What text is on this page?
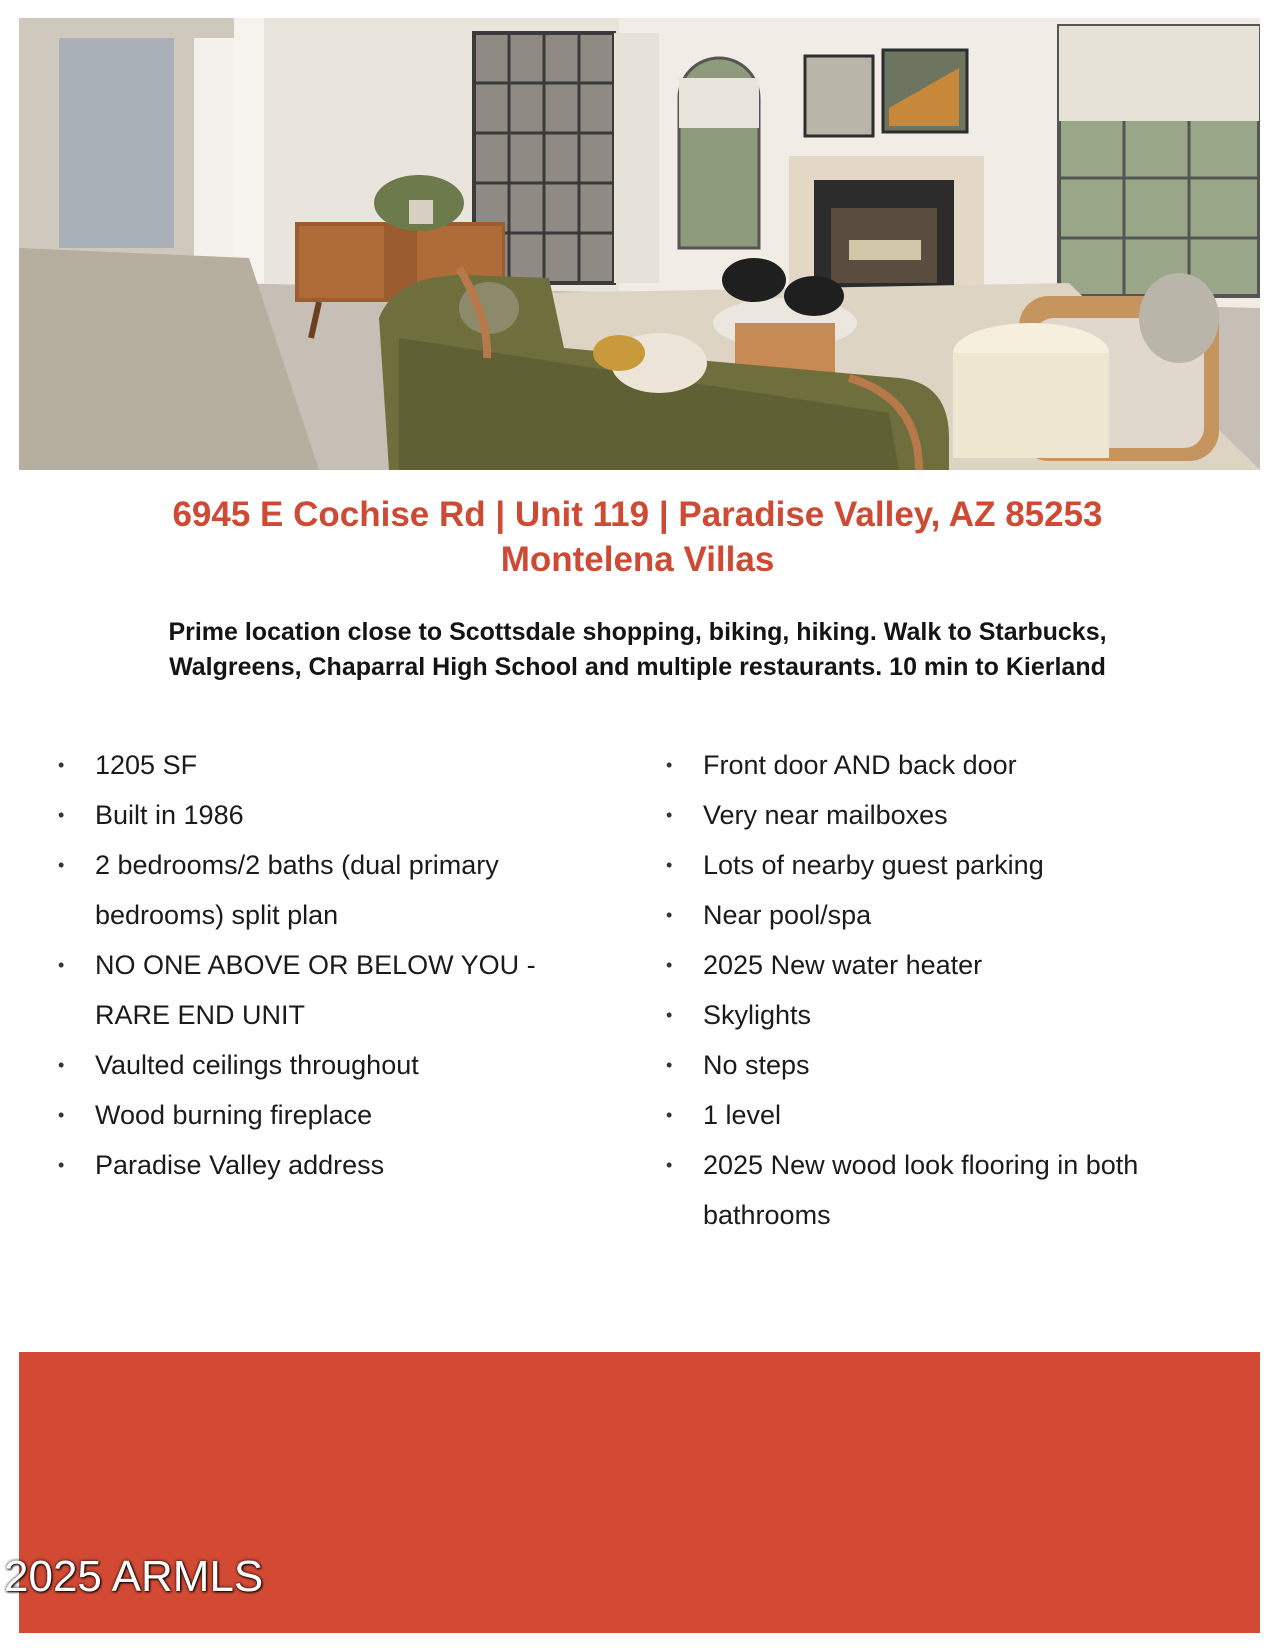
6945 E Cochise Rd | Unit 119 | Paradise Valley, AZ 85253
Montelena Villas
Prime location close to Scottsdale shopping, biking, hiking. Walk to Starbucks,
Walgreens, Chaparral High School and multiple restaurants. 10 min to Kierland
• 1205 SF
• Built in 1986
• 2 bedrooms/2 baths (dual primary bedrooms) split plan
• NO ONE ABOVE OR BELOW YOU - RARE END UNIT
• Vaulted ceilings throughout
• Wood burning fireplace
• Paradise Valley address
• Front door AND back door
• Very near mailboxes
• Lots of nearby guest parking
• Near pool/spa
• 2025 New water heater
• Skylights
• No steps
• 1 level
• 2025 New wood look flooring in both bathrooms
2025 ARMLS
